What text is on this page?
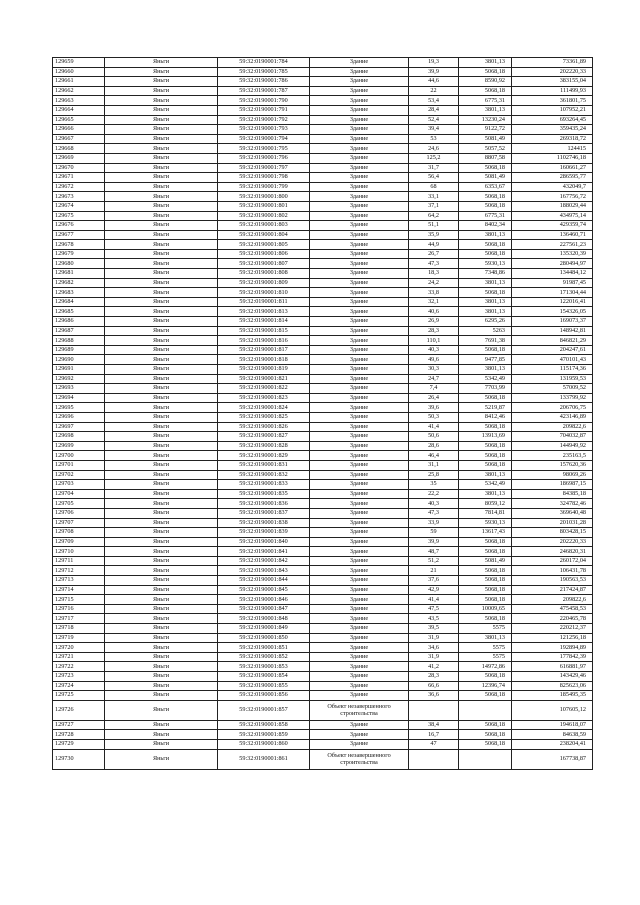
129659	Яньги	59:32:0190001:784	Здание	19,3	3801,13	73361,89
129660	Яньги	59:32:0190001:785	Здание	39,9	5068,18	202220,33
129661	Яньги	59:32:0190001:786	Здание	44,6	8590,92	383155,04
129662	Яньги	59:32:0190001:787	Здание	22	5068,18	111499,93
129663	Яньги	59:32:0190001:790	Здание	53,4	6775,31	361801,75
129664	Яньги	59:32:0190001:791	Здание	28,4	3801,13	107952,21
129665	Яньги	59:32:0190001:792	Здание	52,4	13230,24	693264,45
129666	Яньги	59:32:0190001:793	Здание	39,4	9122,72	359435,24
129667	Яньги	59:32:0190001:794	Здание	53	5081,49	269318,72
129668	Яньги	59:32:0190001:795	Здание	24,6	5057,52	124415
129669	Яньги	59:32:0190001:796	Здание	125,2	8807,58	1102746,18
129670	Яньги	59:32:0190001:797	Здание	31,7	5068,18	160661,27
129671	Яньги	59:32:0190001:798	Здание	56,4	5081,49	286595,77
129672	Яньги	59:32:0190001:799	Здание	68	6353,67	432049,7
129673	Яньги	59:32:0190001:800	Здание	33,1	5068,18	167756,72
129674	Яньги	59:32:0190001:801	Здание	37,1	5068,18	188029,44
129675	Яньги	59:32:0190001:802	Здание	64,2	6775,31	434975,14
129676	Яньги	59:32:0190001:803	Здание	51,1	8402,34	429359,74
129677	Яньги	59:32:0190001:804	Здание	35,9	3801,13	136460,71
129678	Яньги	59:32:0190001:805	Здание	44,9	5068,18	227561,23
129679	Яньги	59:32:0190001:806	Здание	26,7	5068,18	135320,39
129680	Яньги	59:32:0190001:807	Здание	47,3	5930,13	280494,97
129681	Яньги	59:32:0190001:808	Здание	18,3	7348,86	134484,12
129682	Яньги	59:32:0190001:809	Здание	24,2	3801,13	91987,45
129683	Яньги	59:32:0190001:810	Здание	33,8	5068,18	171304,44
129684	Яньги	59:32:0190001:811	Здание	32,1	3801,13	122016,41
129685	Яньги	59:32:0190001:813	Здание	40,6	3801,13	154326,05
129686	Яньги	59:32:0190001:814	Здание	26,9	6295,26	169073,37
129687	Яньги	59:32:0190001:815	Здание	28,3	5263	148942,81
129688	Яньги	59:32:0190001:816	Здание	110,1	7691,38	846821,29
129689	Яньги	59:32:0190001:817	Здание	40,3	5068,18	204247,61
129690	Яньги	59:32:0190001:818	Здание	49,6	9477,85	470101,43
129691	Яньги	59:32:0190001:819	Здание	30,3	3801,13	115174,36
129692	Яньги	59:32:0190001:821	Здание	24,7	5342,49	131959,53
129693	Яньги	59:32:0190001:822	Здание	7,4	7703,99	57009,52
129694	Яньги	59:32:0190001:823	Здание	26,4	5068,18	133799,92
129695	Яньги	59:32:0190001:824	Здание	39,6	5219,87	206706,75
129696	Яньги	59:32:0190001:825	Здание	50,3	8412,46	423146,89
129697	Яньги	59:32:0190001:826	Здание	41,4	5068,18	209822,6
129698	Яньги	59:32:0190001:827	Здание	50,6	13913,69	704032,87
129699	Яньги	59:32:0190001:828	Здание	28,6	5068,18	144949,92
129700	Яньги	59:32:0190001:829	Здание	46,4	5068,18	235163,5
129701	Яньги	59:32:0190001:831	Здание	31,1	5068,18	157620,36
129702	Яньги	59:32:0190001:832	Здание	25,8	3801,13	98069,26
129703	Яньги	59:32:0190001:833	Здание	35	5342,49	186987,15
129704	Яньги	59:32:0190001:835	Здание	22,2	3801,13	84385,18
129705	Яньги	59:32:0190001:836	Здание	40,3	8059,12	324782,46
129706	Яньги	59:32:0190001:837	Здание	47,3	7814,81	369640,48
129707	Яньги	59:32:0190001:838	Здание	33,9	5930,13	201031,28
129708	Яньги	59:32:0190001:839	Здание	59	13617,43	803428,15
129709	Яньги	59:32:0190001:840	Здание	39,9	5068,18	202220,33
129710	Яньги	59:32:0190001:841	Здание	48,7	5068,18	246820,31
129711	Яньги	59:32:0190001:842	Здание	51,2	5081,49	260172,04
129712	Яньги	59:32:0190001:843	Здание	21	5068,18	106431,78
129713	Яньги	59:32:0190001:844	Здание	37,6	5068,18	190563,53
129714	Яньги	59:32:0190001:845	Здание	42,9	5068,18	217424,87
129715	Яньги	59:32:0190001:846	Здание	41,4	5068,18	209822,6
129716	Яньги	59:32:0190001:847	Здание	47,5	10009,65	475458,53
129717	Яньги	59:32:0190001:848	Здание	43,5	5068,18	220465,78
129718	Яньги	59:32:0190001:849	Здание	39,5	5575	220212,37
129719	Яньги	59:32:0190001:850	Здание	31,9	3801,13	121256,18
129720	Яньги	59:32:0190001:851	Здание	34,6	5575	192894,89
129721	Яньги	59:32:0190001:852	Здание	31,9	5575	177842,39
129722	Яньги	59:32:0190001:853	Здание	41,2	14972,86	616881,97
129723	Яньги	59:32:0190001:854	Здание	28,3	5068,18	143429,46
129724	Яньги	59:32:0190001:855	Здание	66,6	12396,74	825623,06
129725	Яньги	59:32:0190001:856	Здание	36,6	5068,18	185495,35
129726	Яньги	59:32:0190001:857	Объект незавершенного строительства			107605,12
129727	Яньги	59:32:0190001:858	Здание	38,4	5068,18	194618,07
129728	Яньги	59:32:0190001:859	Здание	16,7	5068,18	84638,59
129729	Яньги	59:32:0190001:860	Здание	47	5068,18	238204,41
129730	Яньги	59:32:0190001:861	Объект незавершенного строительства			167738,87
